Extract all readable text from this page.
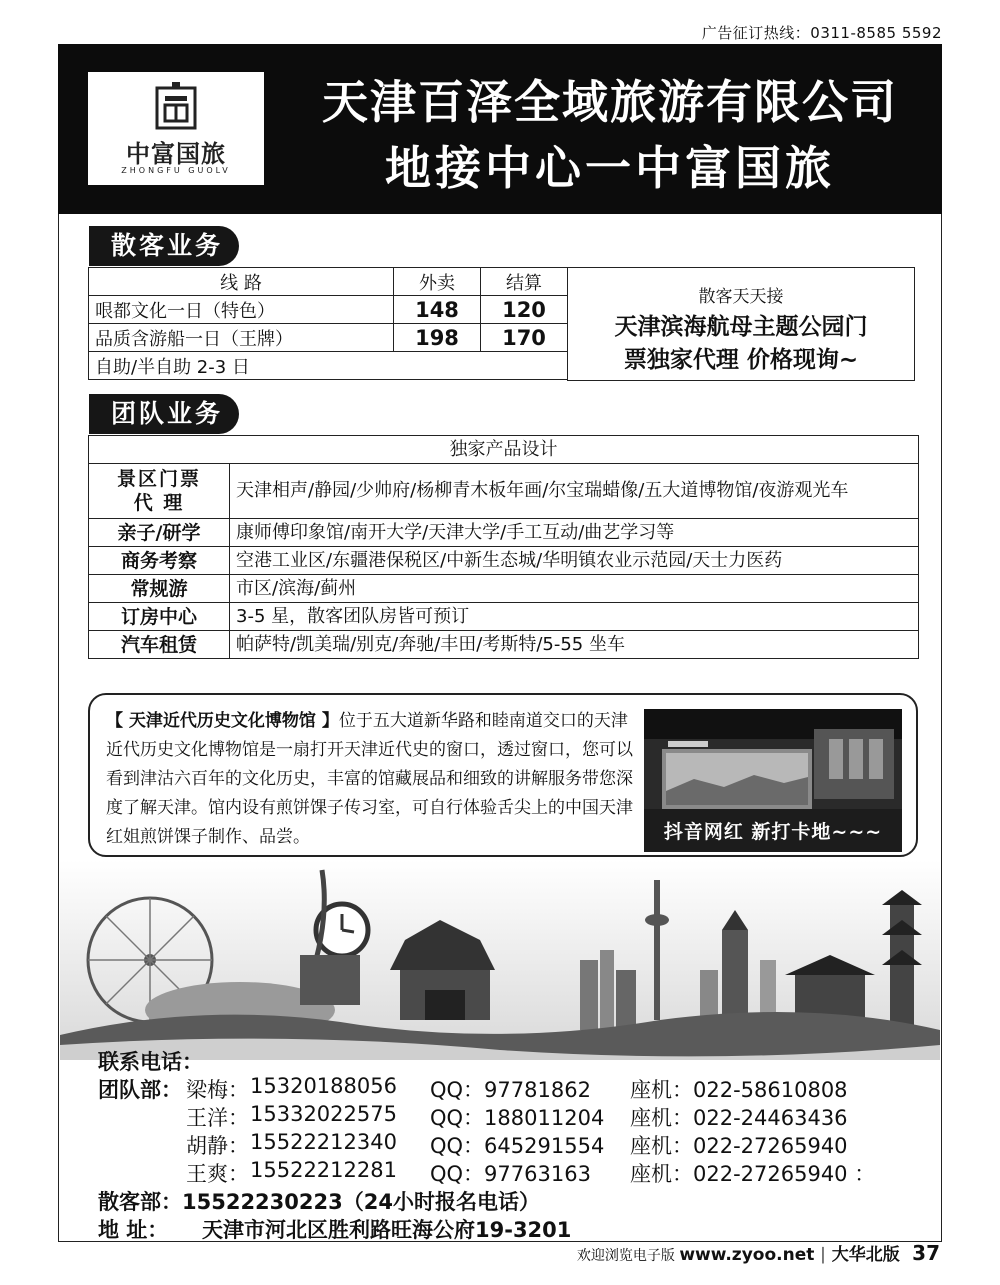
广告征订热线：0311-8585 5592
中富国旅
ZHONGFU GUOLV
天津百泽全域旅游有限公司
地接中心一中富国旅
散客业务
线 路	外卖	结算
哏都文化一日（特色）	148	120
品质含游船一日（王牌）	198	170
自助/半自助 2-3 日		
散客天天接
天津滨海航母主题公园门
票独家代理 价格现询~
团队业务
独家产品设计	

景区门票代 理	天津相声/静园/少帅府/杨柳青木板年画/尔宝瑞蜡像/五大道博物馆/夜游观光车
亲子/研学	康师傅印象馆/南开大学/天津大学/手工互动/曲艺学习等
商务考察	空港工业区/东疆港保税区/中新生态城/华明镇农业示范园/天士力医药
常规游	市区/滨海/蓟州
订房中心	3-5 星，散客团队房皆可预订
汽车租赁	帕萨特/凯美瑞/别克/奔驰/丰田/考斯特/5-55 坐车
【 天津近代历史文化博物馆 】位于五大道新华路和睦南道交口的天津近代历史文化博物馆是一扇打开天津近代史的窗口，透过窗口，您可以看到津沽六百年的文化历史，丰富的馆藏展品和细致的讲解服务带您深度了解天津。馆内设有煎饼馃子传习室，可自行体验舌尖上的中国天津红姐煎饼馃子制作、品尝。	抖音网红 新打卡地~~~
联系电话：
团队部： 梁梅： 15320188056 QQ：97781862 座机：022-58610808
王洋： 15332022575 QQ：188011204 座机：022-24463436
胡静： 15522212340 QQ：645291554 座机：022-27265940
王爽： 15522212281 QQ：97763163 座机：022-27265940 ：
散客部：15522230223（24小时报名电话）
地 址： 天津市河北区胜利路旺海公府19-3201
欢迎浏览电子版 www.zyoo.net │ 大华北版 37
